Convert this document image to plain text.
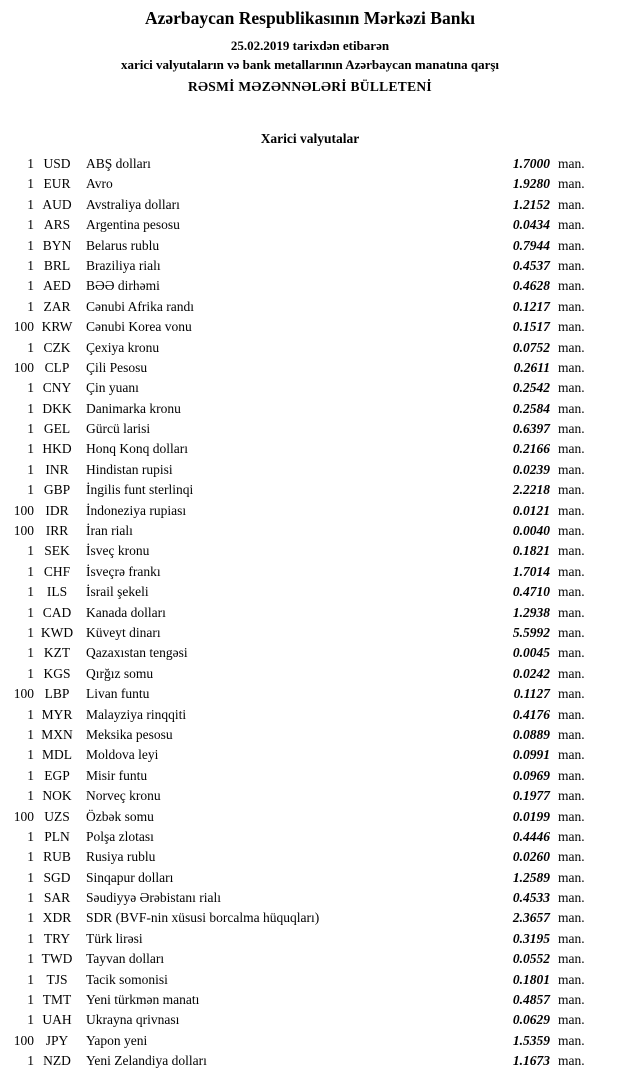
Azərbaycan Respublikasının Mərkəzi Bankı

25.02.2019 tarixdən etibarən

xarici valyutaların və bank metallarının Azərbaycan manatına qarşı

RƏSMİ MƏZƏNNƏLƏRİ BÜLLETENİ

Xarici valyutalar
1 USD	ABŞ dolları	1.7000 man.
1 EUR	Avro	1.9280 man.
1 AUD	Avstraliya dolları	1.2152 man.
1 ARS	Argentina pesosu	0.0434 man.
1 BYN	Belarus rublu	0.7944 man.
1 BRL	Braziliya rialı	0.4537 man.
1 AED	BƏƏ dirhəmi	0.4628 man.
1 ZAR	Cənubi Afrika randı	0.1217 man.
100 KRW	Cənubi Korea vonu	0.1517 man.
1 CZK	Çexiya kronu	0.0752 man.
100 CLP	Çili Pesosu	0.2611 man.
1 CNY	Çin yuanı	0.2542 man.
1 DKK	Danimarka kronu	0.2584 man.
1 GEL	Gürcü larisi	0.6397 man.
1 HKD	Honq Konq dolları	0.2166 man.
1 INR	Hindistan rupisi	0.0239 man.
1 GBP	İngilis funt sterlinqi	2.2218 man.
100 IDR	İndoneziya rupiası	0.0121 man.
100 IRR	İran rialı	0.0040 man.
1 SEK	İsveç kronu	0.1821 man.
1 CHF	İsveçrə frankı	1.7014 man.
1 ILS	İsrail şekeli	0.4710 man.
1 CAD	Kanada dolları	1.2938 man.
1 KWD Küveyt dinarı	5.5992 man.
1 KZT	Qazaxıstan tengəsi	0.0045 man.
1 KGS	Qırğız somu	0.0242 man.
100 LBP	Livan funtu	0.1127 man.
1 MYR	Malayziya rinqqiti	0.4176 man.
1 MXN Meksika pesosu	0.0889 man.
1 MDL	Moldova leyi	0.0991 man.
1 EGP	Misir funtu	0.0969 man.
1 NOK	Norveç kronu	0.1977 man.
100 UZS	Özbək somu	0.0199 man.
1 PLN	Polşa zlotası	0.4446 man.
1 RUB	Rusiya rublu	0.0260 man.
1 SGD	Sinqapur dolları	1.2589 man.
1 SAR	Səudiyyə Ərəbistanı rialı	0.4533 man.
1 XDR	SDR (BVF-nin xüsusi borcalma hüquqları)	2.3657 man.
1 TRY	Türk lirəsi	0.3195 man.
1 TWD	Tayvan dolları	0.0552 man.
1 TJS	Tacik somonisi	0.1801 man.
1 TMT	Yeni türkmən manatı	0.4857 man.
1 UAH	Ukrayna qrivnası	0.0629 man.
100 JPY	Yapon yeni	1.5359 man.
1 NZD	Yeni Zelandiya dolları	1.1673 man.
